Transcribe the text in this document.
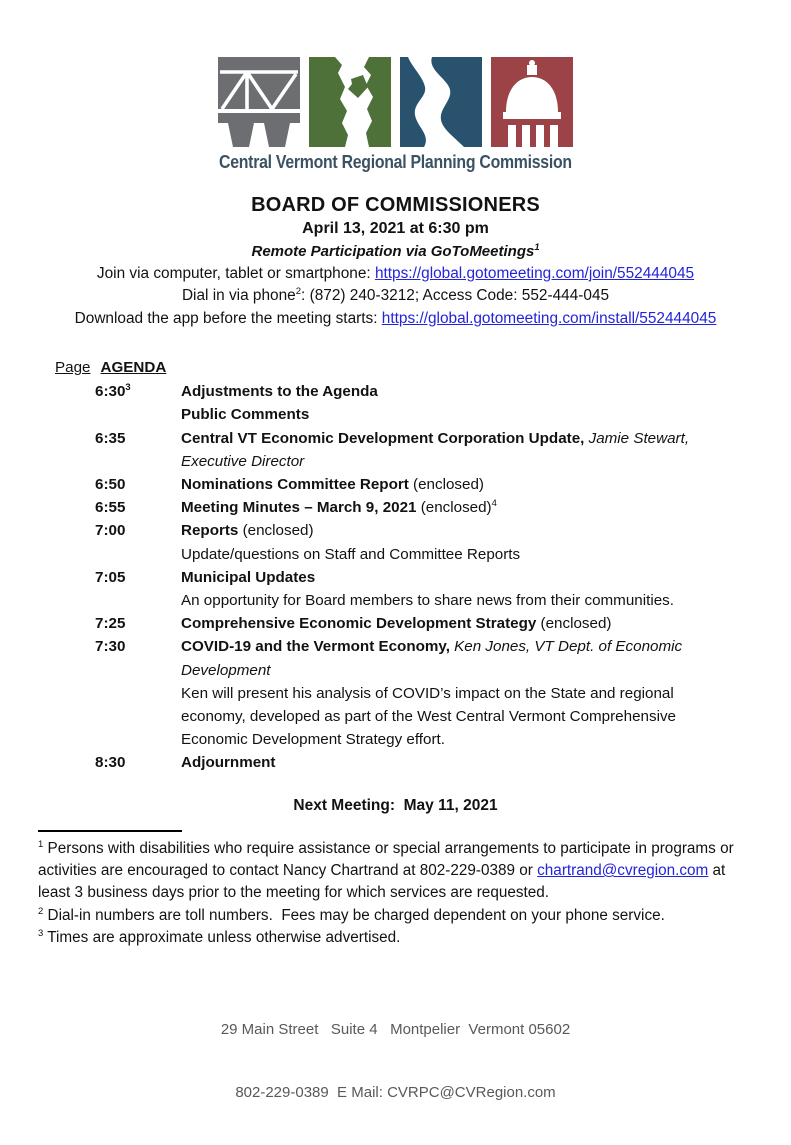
Central Vermont Regional Planning Commission
BOARD OF COMMISSIONERS
April 13, 2021 at 6:30 pm
Remote Participation via GoToMeetings$^1$
Join via computer, tablet or smartphone: https://global.gotomeeting.com/join/552444045
Dial in via phone$^2$: (872) 240-3212; Access Code: 552-444-045
Download the app before the meeting starts: https://global.gotomeeting.com/install/552444045
Page AGENDA
$6:30^3$	Adjustments to the Agenda
Public Comments
6:35	Central VT Economic Development Corporation Update, Jamie Stewart, Executive Director
6:50	Nominations Committee Report (enclosed)
6:55	Meeting Minutes – March 9, 2021 (enclosed)$^4$
7:00	Reports (enclosed)
Update/questions on Staff and Committee Reports
7:05	Municipal Updates
An opportunity for Board members to share news from their communities.
7:25	Comprehensive Economic Development Strategy (enclosed)
7:30	COVID-19 and the Vermont Economy, Ken Jones, VT Dept. of Economic Development
Ken will present his analysis of COVID’s impact on the State and regional economy, developed as part of the West Central Vermont Comprehensive Economic Development Strategy effort.
8:30	Adjournment
Next Meeting:  May 11, 2021
$^1$ Persons with disabilities who require assistance or special arrangements to participate in programs or activities are encouraged to contact Nancy Chartrand at 802-229-0389 or chartrand@cvregion.com at least 3 business days prior to the meeting for which services are requested.
$^2$ Dial-in numbers are toll numbers.  Fees may be charged dependent on your phone service.
$^3$ Times are approximate unless otherwise advertised.

29 Main Street   Suite 4   Montpelier  Vermont 05602

802-229-0389  E Mail: CVRPC@CVRegion.com
